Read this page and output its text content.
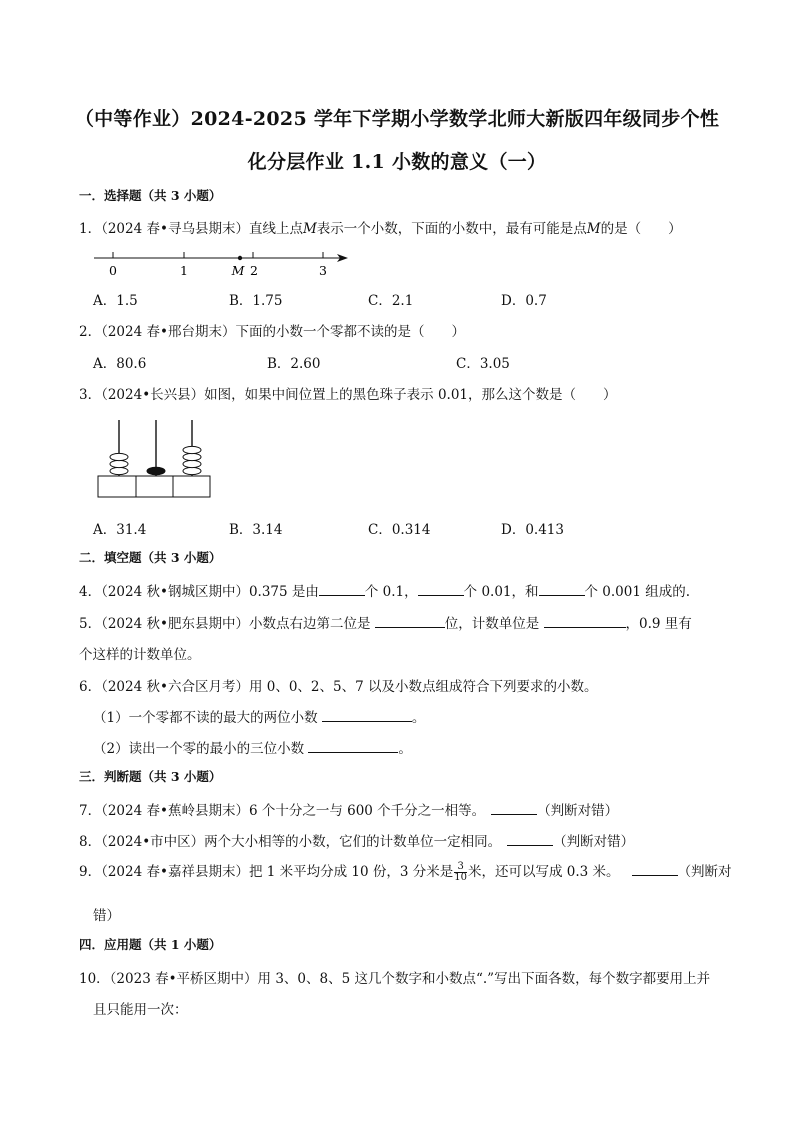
（中等作业）2024-2025 学年下学期小学数学北师大新版四年级同步个性
化分层作业 1.1 小数的意义（一）
一．选择题（共 3 小题）
1．（2024 春•寻乌县期末）直线上点M表示一个小数，下面的小数中，最有可能是点M的是（　　）
0	1	M 2	3
A．1.5	B．1.75	C．2.1	D．0.7
2．（2024 春•邢台期末）下面的小数一个零都不读的是（　　）
A．80.6	B．2.60	C．3.05
3．（2024•长兴县）如图，如果中间位置上的黑色珠子表示 0.01，那么这个数是（　　）
A．31.4	B．3.14	C．0.314	D．0.413
二．填空题（共 3 小题）
4．（2024 秋•钢城区期中）0.375 是由	个 0.1，	个 0.01，和	个 0.001 组成的.
5．（2024 秋•肥东县期中）小数点右边第二位是	位，计数单位是	，0.9 里有
个这样的计数单位。
6．（2024 秋•六合区月考）用 0、0、2、5、7 以及小数点组成符合下列要求的小数。
（1）一个零都不读的最大的两位小数	。
（2）读出一个零的最小的三位小数	。
三．判断题（共 3 小题）
7．（2024 春•蕉岭县期末）6 个十分之一与 600 个千分之一相等。	（判断对错）
8．（2024•市中区）两个大小相等的小数，它们的计数单位一定相同。	（判断对错）
9．（2024 春•嘉祥县期末）把 1 米平均分成 10 份，3 分米是 $\frac{3}{10}$ 米，还可以写成 0.3 米。	（判断对
错）
四．应用题（共 1 小题）
10．（2023 春•平桥区期中）用 3、0、8、5 这几个数字和小数点“.”写出下面各数，每个数字都要用上并
且只能用一次：
